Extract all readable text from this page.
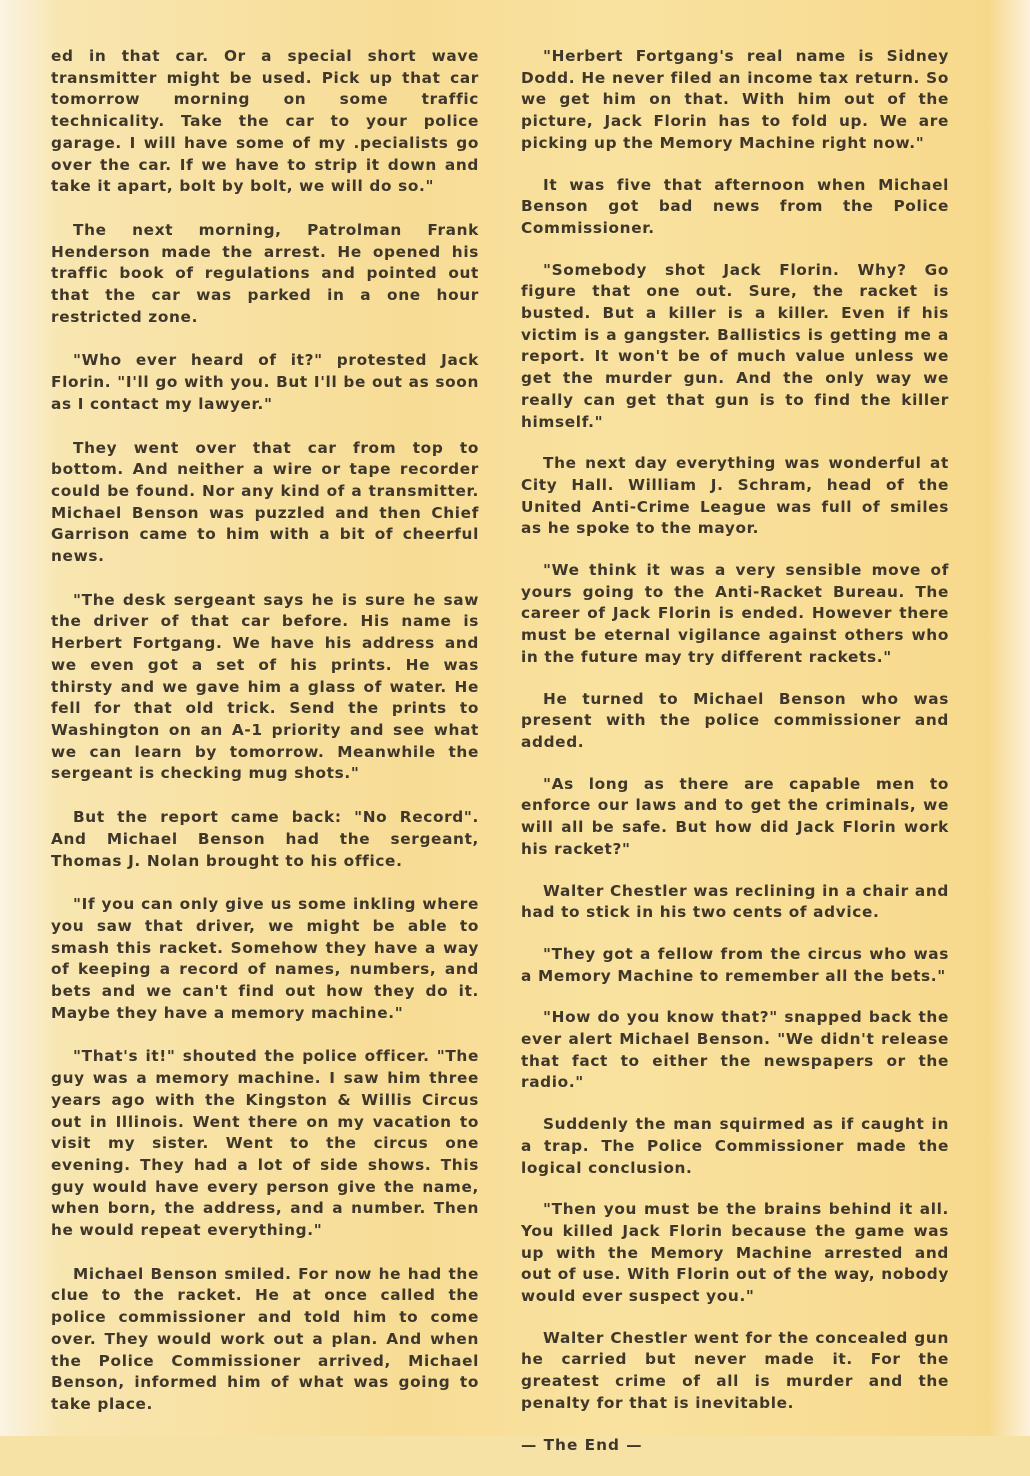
ed in that car. Or a special short wave transmitter might be used. Pick up that car tomorrow morning on some traffic technicality. Take the car to your police garage. I will have some of my .pecialists go over the car. If we have to strip it down and take it apart, bolt by bolt, we will do so."

The next morning, Patrolman Frank Henderson made the arrest. He opened his traffic book of regulations and pointed out that the car was parked in a one hour restricted zone.

"Who ever heard of it?" protested Jack Florin. "I'll go with you. But I'll be out as soon as I contact my lawyer."

They went over that car from top to bottom. And neither a wire or tape recorder could be found. Nor any kind of a transmitter. Michael Benson was puzzled and then Chief Garrison came to him with a bit of cheerful news.

"The desk sergeant says he is sure he saw the driver of that car before. His name is Herbert Fortgang. We have his address and we even got a set of his prints. He was thirsty and we gave him a glass of water. He fell for that old trick. Send the prints to Washington on an A-1 priority and see what we can learn by tomorrow. Meanwhile the sergeant is checking mug shots."

But the report came back: "No Record". And Michael Benson had the sergeant, Thomas J. Nolan brought to his office.

"If you can only give us some inkling where you saw that driver, we might be able to smash this racket. Somehow they have a way of keeping a record of names, numbers, and bets and we can't find out how they do it. Maybe they have a memory machine."

"That's it!" shouted the police officer. "The guy was a memory machine. I saw him three years ago with the Kingston & Willis Circus out in Illinois. Went there on my vacation to visit my sister. Went to the circus one evening. They had a lot of side shows. This guy would have every person give the name, when born, the address, and a number. Then he would repeat everything."

Michael Benson smiled. For now he had the clue to the racket. He at once called the police commissioner and told him to come over. They would work out a plan. And when the Police Commissioner arrived, Michael Benson, informed him of what was going to take place.

"Herbert Fortgang's real name is Sidney Dodd. He never filed an income tax return. So we get him on that. With him out of the picture, Jack Florin has to fold up. We are picking up the Memory Machine right now."

It was five that afternoon when Michael Benson got bad news from the Police Commissioner.

"Somebody shot Jack Florin. Why? Go figure that one out. Sure, the racket is busted. But a killer is a killer. Even if his victim is a gangster. Ballistics is getting me a report. It won't be of much value unless we get the murder gun. And the only way we really can get that gun is to find the killer himself."

The next day everything was wonderful at City Hall. William J. Schram, head of the United Anti-Crime League was full of smiles as he spoke to the mayor.

"We think it was a very sensible move of yours going to the Anti-Racket Bureau. The career of Jack Florin is ended. However there must be eternal vigilance against others who in the future may try different rackets."

He turned to Michael Benson who was present with the police commissioner and added.

"As long as there are capable men to enforce our laws and to get the criminals, we will all be safe. But how did Jack Florin work his racket?"

Walter Chestler was reclining in a chair and had to stick in his two cents of advice.

"They got a fellow from the circus who was a Memory Machine to remember all the bets."

"How do you know that?" snapped back the ever alert Michael Benson. "We didn't release that fact to either the newspapers or the radio."

Suddenly the man squirmed as if caught in a trap. The Police Commissioner made the logical conclusion.

"Then you must be the brains behind it all. You killed Jack Florin because the game was up with the Memory Machine arrested and out of use. With Florin out of the way, nobody would ever suspect you."

Walter Chestler went for the concealed gun he carried but never made it. For the greatest crime of all is murder and the penalty for that is inevitable.

— The End —
